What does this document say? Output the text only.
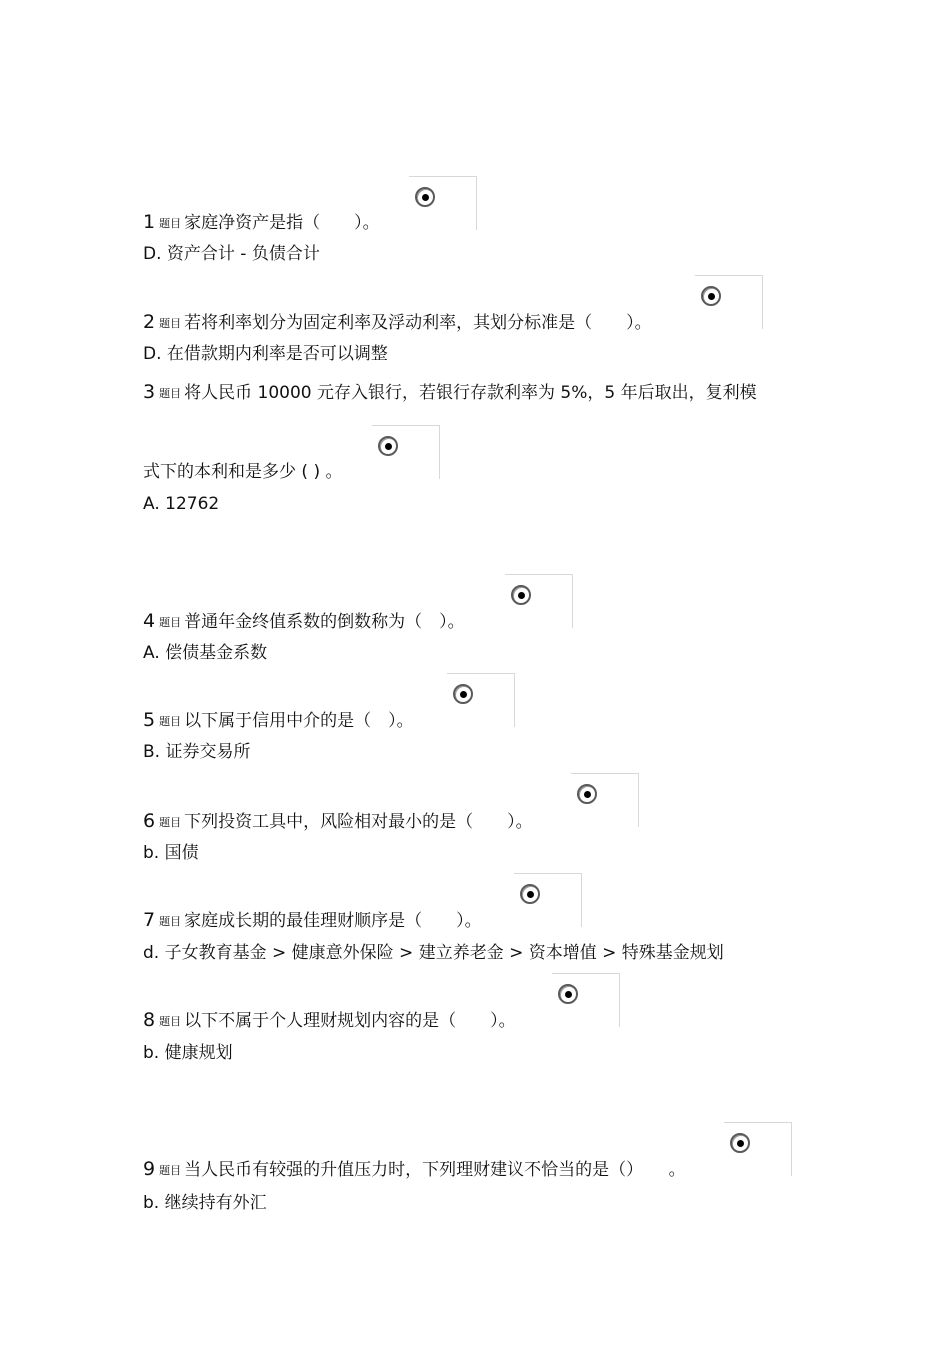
1 题目 家庭净资产是指（　　）。
D. 资产合计 - 负债合计
2 题目 若将利率划分为固定利率及浮动利率，其划分标准是（　　）。
D. 在借款期内利率是否可以调整
3 题目 将人民币 10000 元存入银行，若银行存款利率为 5%，5 年后取出，复利模
式下的本利和是多少 ( ) 。
A. 12762
4 题目 普通年金终值系数的倒数称为（　）。
A. 偿债基金系数
5 题目 以下属于信用中介的是（　）。
B. 证券交易所
6 题目 下列投资工具中，风险相对最小的是（　　）。
b. 国债
7 题目 家庭成长期的最佳理财顺序是（　　）。
d. 子女教育基金 > 健康意外保险 > 建立养老金 > 资本增值 > 特殊基金规划
8 题目 以下不属于个人理财规划内容的是（　　）。
b. 健康规划
9 题目 当人民币有较强的升值压力时，下列理财建议不恰当的是（）　　。
b. 继续持有外汇
